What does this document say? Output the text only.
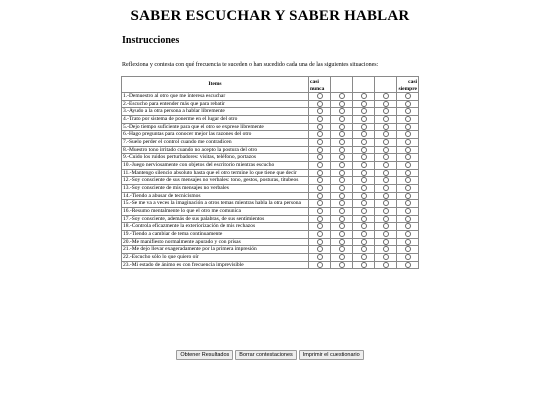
SABER ESCUCHAR Y SABER HABLAR
Instrucciones

Reflexiona y contesta con qué frecuencia te suceden o han sucedido cada una de las siguientes situaciones:

Items	casi nunca				casi siempre
1.-Demuestro al otro que me interesa escuchar					
2.-Escucho para entender más que para rebatir					
3.-Ayudo a la otra persona a hablar libremente					
4.-Trato por sistema de ponerme en el lugar del otro					
5.-Dejo tiempo suficiente para que el otro se exprese libremente					
6.-Hago preguntas para conocer mejor las razones del otro					
7.-Suelo perder el control cuando me contradicen					
8.-Muestro tono irritado cuando no acepto la postura del otro					
9.-Cuido los ruidos perturbadores: visitas, teléfono, portazos					
10.-Juego nerviosamente con objetos del escritorio mientras escucho					
11.-Mantengo silencio absoluto hasta que el otro termine lo que tiene que decir					
12.-Soy consciente de sus mensajes no verbales: tono, gestos, posturas, titubeos					
13.-Soy consciente de mis mensajes no verbales					
14.-Tiendo a abusar de tecnicismos					
15.-Se me va a veces la imaginación a otros temas mientras habla la otra persona					
16.-Resumo mentalmente lo que el otro me comunica					
17.-Soy consciente, además de sus palabras, de sus sentimientos					
18.-Controla eficazmente la exteriorización de mis rechazos					
19.-Tiendo a cambiar de tema continuamente					
20.-Me manifiesto normalmente apurado y con prisas					
21.-Me dejo llevar exageradamente por la primera impresión					
22.-Escucho sólo lo que quiero oír					
23.-Mi estado de ánimo es con frecuencia imprevisible					
Obtener Resultados Borrar contestaciones Imprimir el cuestionario
